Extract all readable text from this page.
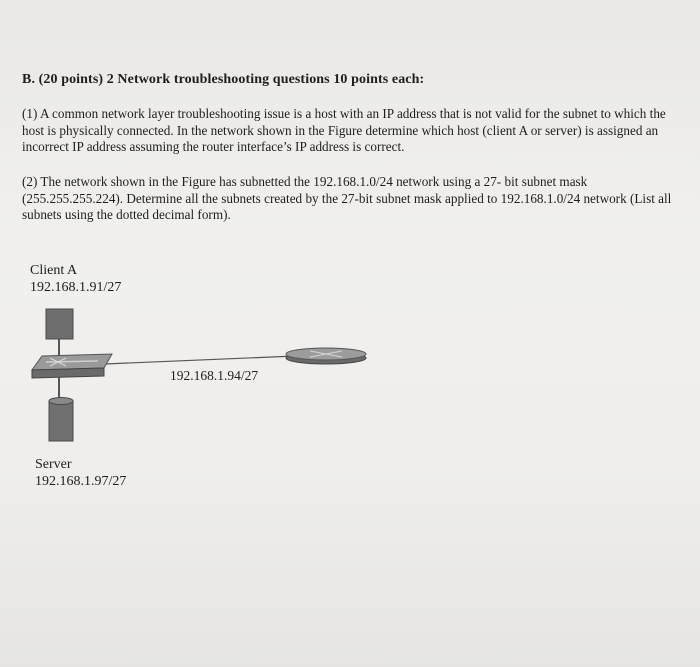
B. (20 points) 2 Network troubleshooting questions 10 points each:
(1) A common network layer troubleshooting issue is a host with an IP address that is not valid for the subnet to which the host is physically connected. In the network shown in the Figure determine which host (client A or server) is assigned an incorrect IP address assuming the router interface’s IP address is correct.
(2) The network shown in the Figure has subnetted the 192.168.1.0/24 network using a 27- bit subnet mask (255.255.255.224). Determine all the subnets created by the 27-bit subnet mask applied to 192.168.1.0/24 network (List all subnets using the dotted decimal form).
Client A
192.168.1.91/27
Server
192.168.1.97/27
192.168.1.94/27
